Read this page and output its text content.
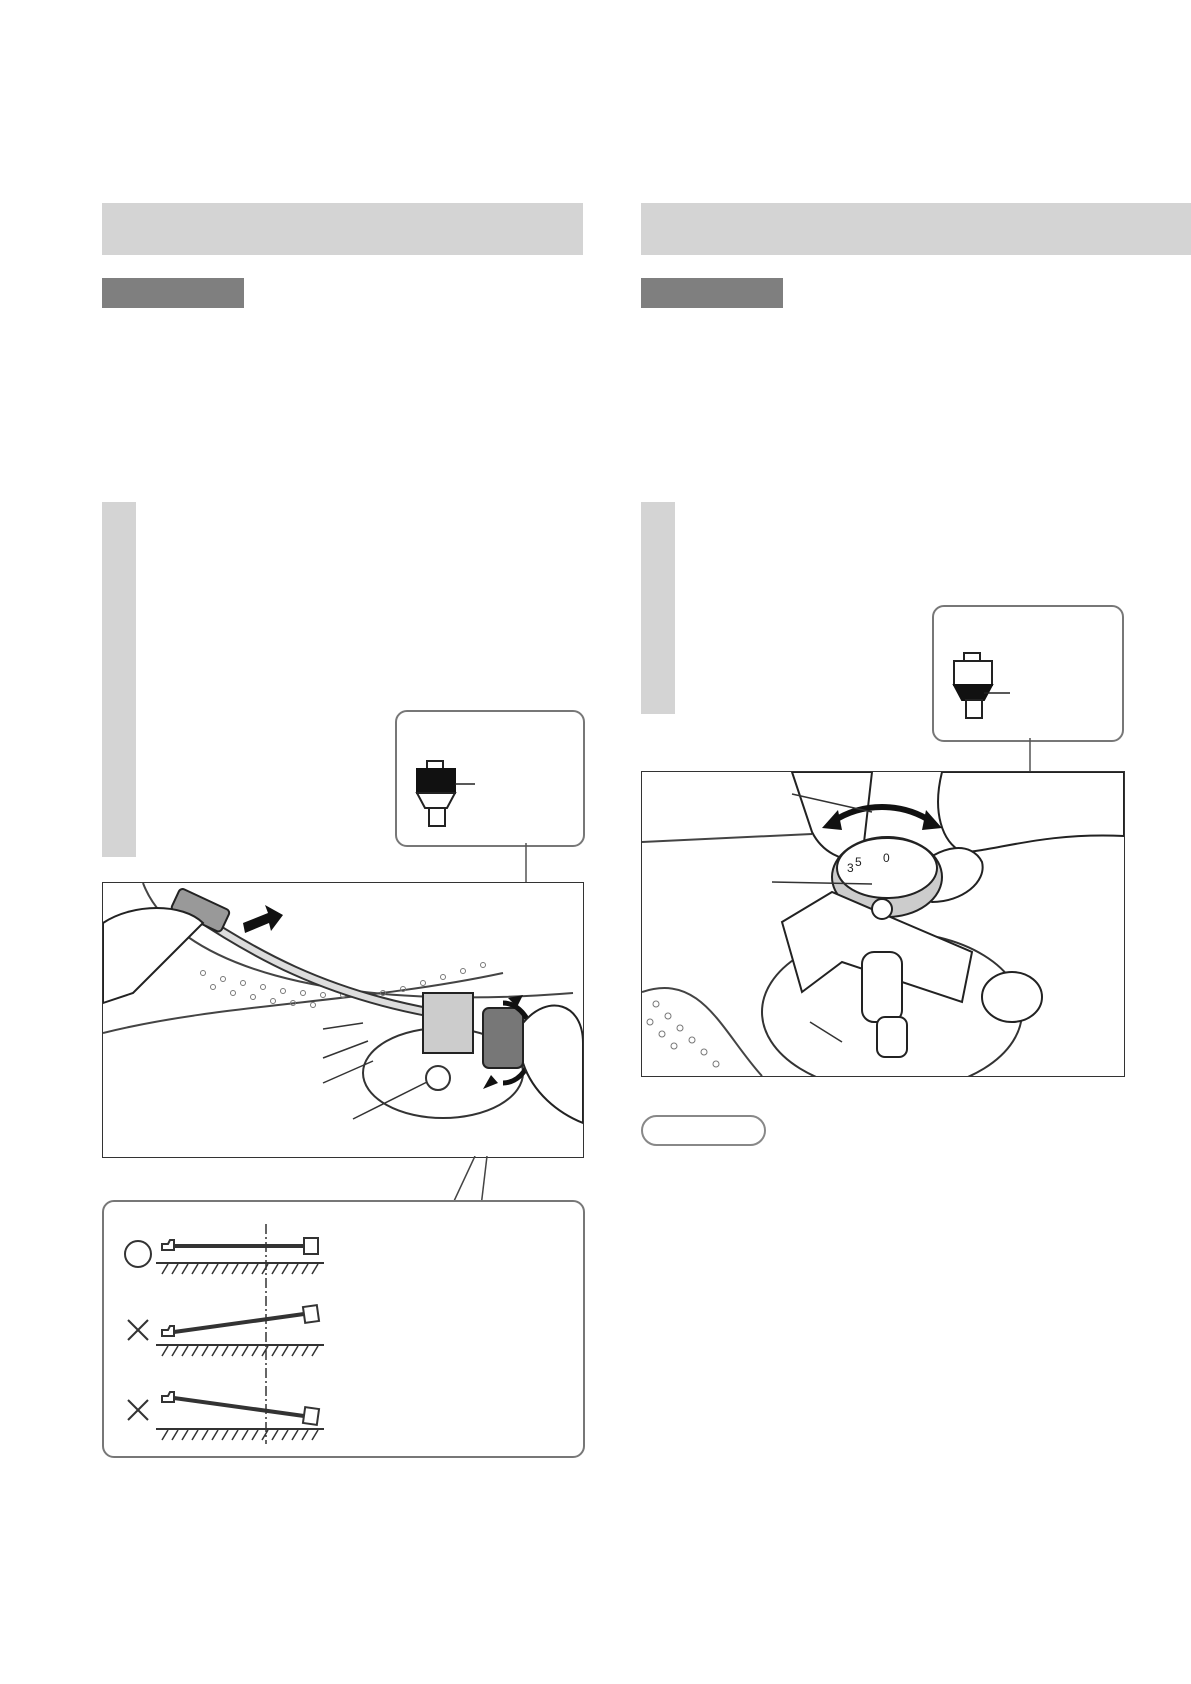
3 5 0
